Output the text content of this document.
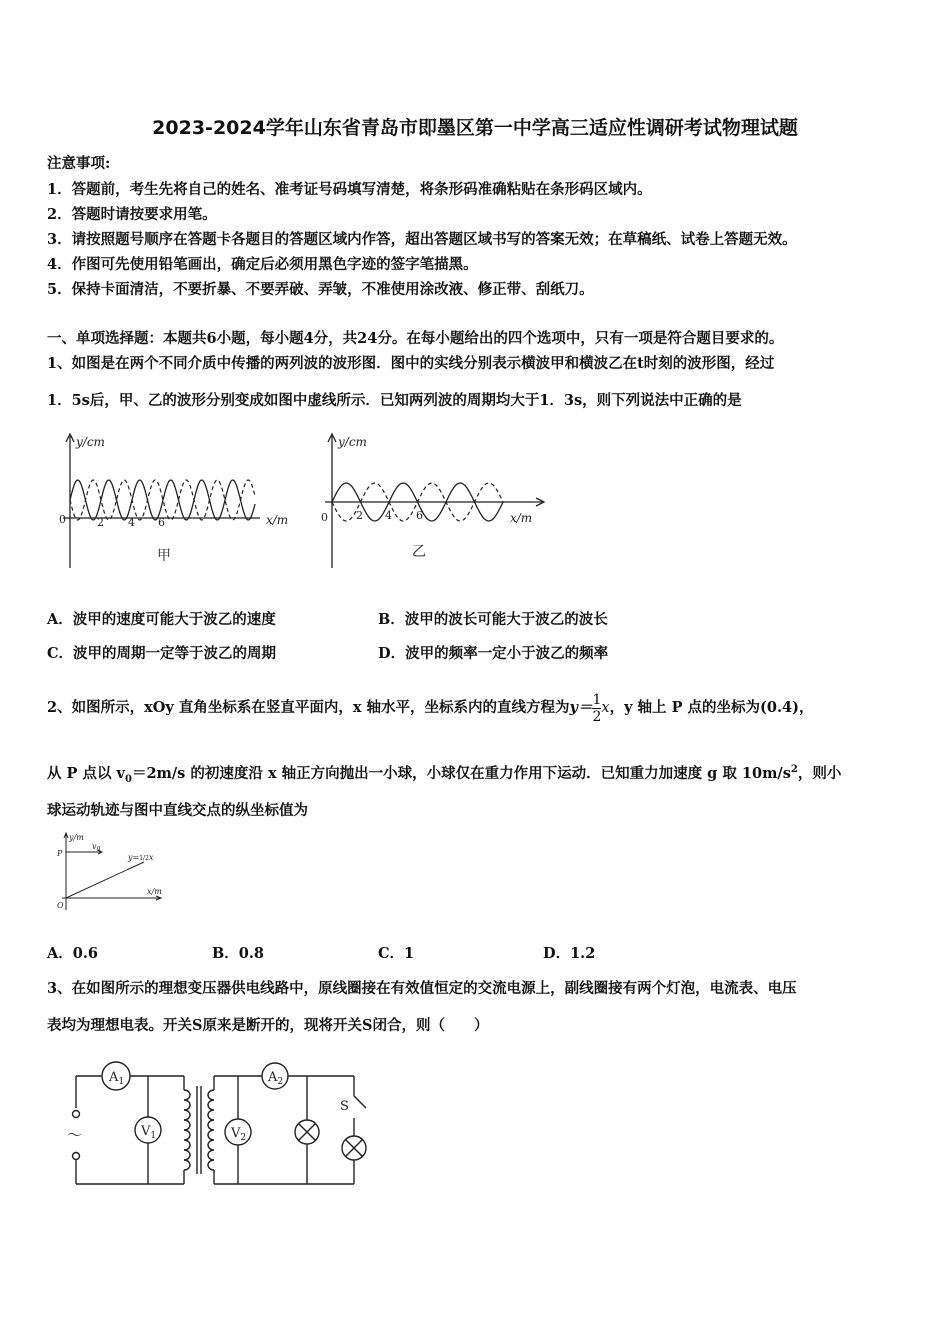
2023-2024学年山东省青岛市即墨区第一中学高三适应性调研考试物理试题
注意事项:
1．答题前，考生先将自己的姓名、准考证号码填写清楚，将条形码准确粘贴在条形码区域内。
2．答题时请按要求用笔。
3．请按照题号顺序在答题卡各题目的答题区域内作答，超出答题区域书写的答案无效；在草稿纸、试卷上答题无效。
4．作图可先使用铅笔画出，确定后必须用黑色字迹的签字笔描黑。
5．保持卡面清洁，不要折暴、不要弄破、弄皱，不准使用涂改液、修正带、刮纸刀。
一、单项选择题：本题共6小题，每小题4分，共24分。在每小题给出的四个选项中，只有一项是符合题目要求的。
1、如图是在两个不同介质中传播的两列波的波形图．图中的实线分别表示横波甲和横波乙在t时刻的波形图，经过
1．5s后，甲、乙的波形分别变成如图中虚线所示．已知两列波的周期均大于1．3s，则下列说法中正确的是
y/cm
x/m
y/cm
x/m
0	2 4 6	0	2 4 6
甲	乙
A．波甲的速度可能大于波乙的速度	B．波甲的波长可能大于波乙的波长
C．波甲的周期一定等于波乙的周期	D．波甲的频率一定小于波乙的频率
2、如图所示，xOy 直角坐标系在竖直平面内，x 轴水平，坐标系内的直线方程为$y= \frac{1}{2}$ x，y 轴上 P 点的坐标为(0.4)，
从 P 点以 $v_0=2m/s$ 的初速度沿 x 轴正方向抛出一小球，小球仅在重力作用下运动．已知重力加速度 g 取 $10m/s^2$，则小
球运动轨迹与图中直线交点的纵坐标值为
y/m
x/m
P
$v_0$
O
y=1/2x
A．0.6	B．0.8	C．1	D．1.2
3、在如图所示的理想变压器供电线路中，原线圈接在有效值恒定的交流电源上，副线圈接有两个灯泡，电流表、电压
表均为理想电表。开关S原来是断开的，现将开关S闭合，则（　　）
$A_1$
$V_1$
$A_2$
$V_2$
S
～
